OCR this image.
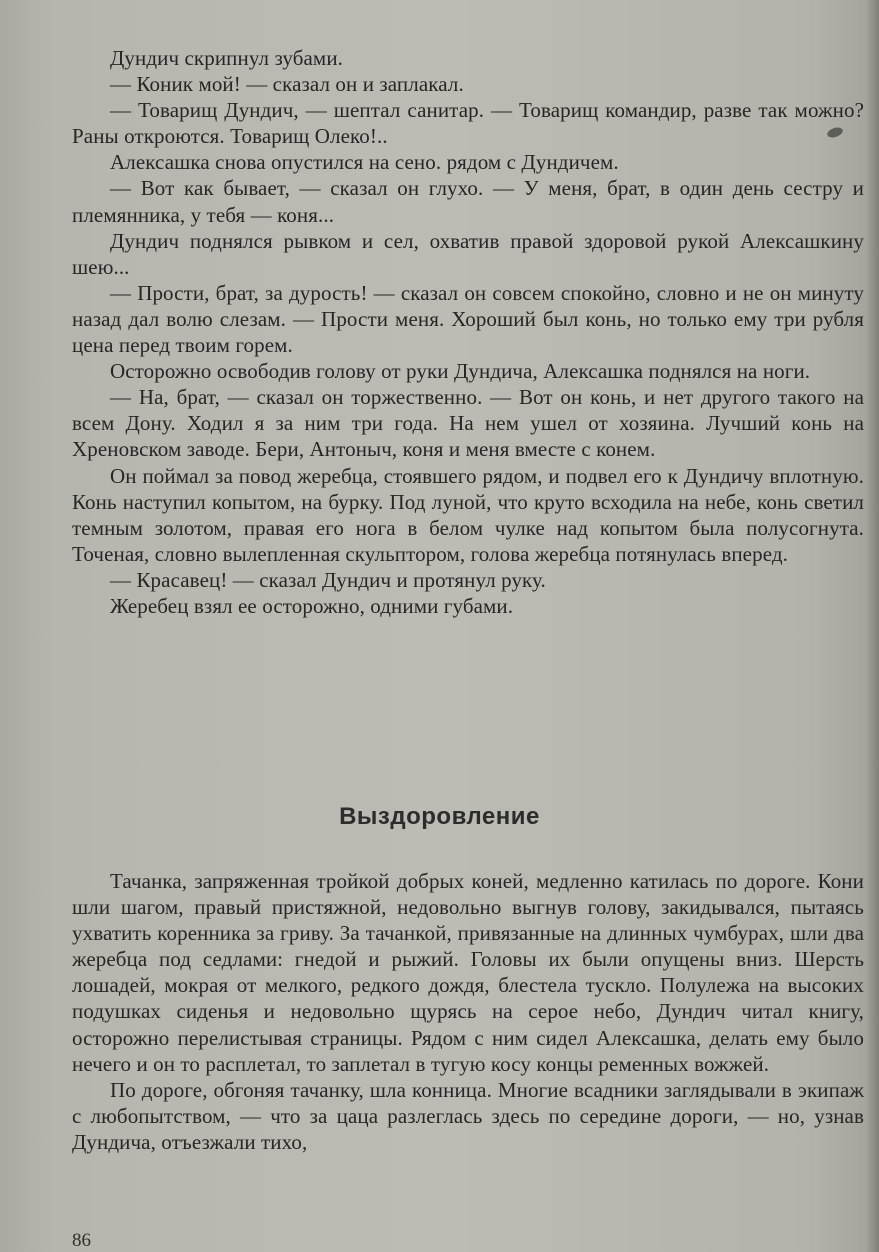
Дундич скрипнул зубами.

— Коник мой! — сказал он и заплакал.

— Товарищ Дундич, — шептал санитар. — Товарищ командир, разве так можно? Раны откроются. Товарищ Олеко!..

Алексашка снова опустился на сено. рядом с Дундичем.

— Вот как бывает, — сказал он глухо. — У меня, брат, в один день сестру и племянника, у тебя — коня...

Дундич поднялся рывком и сел, охватив правой здоровой рукой Алексашкину шею...

— Прости, брат, за дурость! — сказал он совсем спокойно, словно и не он минуту назад дал волю слезам. — Прости меня. Хороший был конь, но только ему три рубля цена перед твоим горем.

Осторожно освободив голову от руки Дундича, Алексашка поднялся на ноги.

— На, брат, — сказал он торжественно. — Вот он конь, и нет другого такого на всем Дону. Ходил я за ним три года. На нем ушел от хозяина. Лучший конь на Хреновском заводе. Бери, Антоныч, коня и меня вместе с конем.

Он поймал за повод жеребца, стоявшего рядом, и подвел его к Дундичу вплотную. Конь наступил копытом, на бурку. Под луной, что круто всходила на небе, конь светил темным золотом, правая его нога в белом чулке над копытом была полусогнута. Точеная, словно вылепленная скульптором, голова жеребца потянулась вперед.

— Красавец! — сказал Дундич и протянул руку.

Жеребец взял ее осторожно, одними губами.

Выздоровление

Тачанка, запряженная тройкой добрых коней, медленно катилась по дороге. Кони шли шагом, правый пристяжной, недовольно выгнув голову, закидывался, пытаясь ухватить коренника за гриву. За тачанкой, привязанные на длинных чумбурах, шли два жеребца под седлами: гнедой и рыжий. Головы их были опущены вниз. Шерсть лошадей, мокрая от мелкого, редкого дождя, блестела тускло. Полулежа на высоких подушках сиденья и недовольно щурясь на серое небо, Дундич читал книгу, осторожно перелистывая страницы. Рядом с ним сидел Алексашка, делать ему было нечего и он то расплетал, то заплетал в тугую косу концы ременных вожжей.

По дороге, обгоняя тачанку, шла конница. Многие всадники заглядывали в экипаж с любопытством, — что за цаца разлеглась здесь по середине дороги, — но, узнав Дундича, отъезжали тихо,

86
